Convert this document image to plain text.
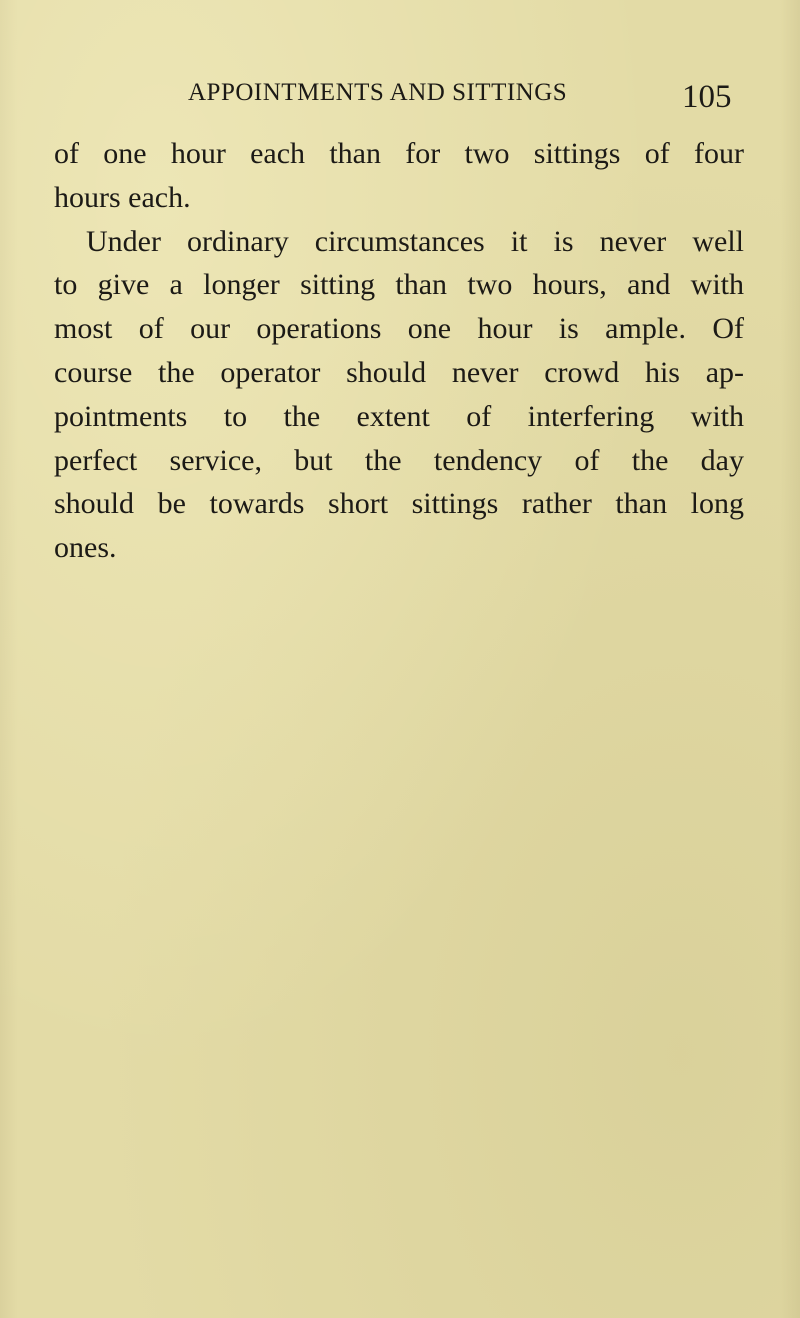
APPOINTMENTS AND SITTINGS	105
of one hour each than for two sittings of four
hours each.
Under ordinary circumstances it is never well
to give a longer sitting than two hours, and with
most of our operations one hour is ample. Of
course the operator should never crowd his ap-
pointments to the extent of interfering with
perfect service, but the tendency of the day
should be towards short sittings rather than long
ones.
